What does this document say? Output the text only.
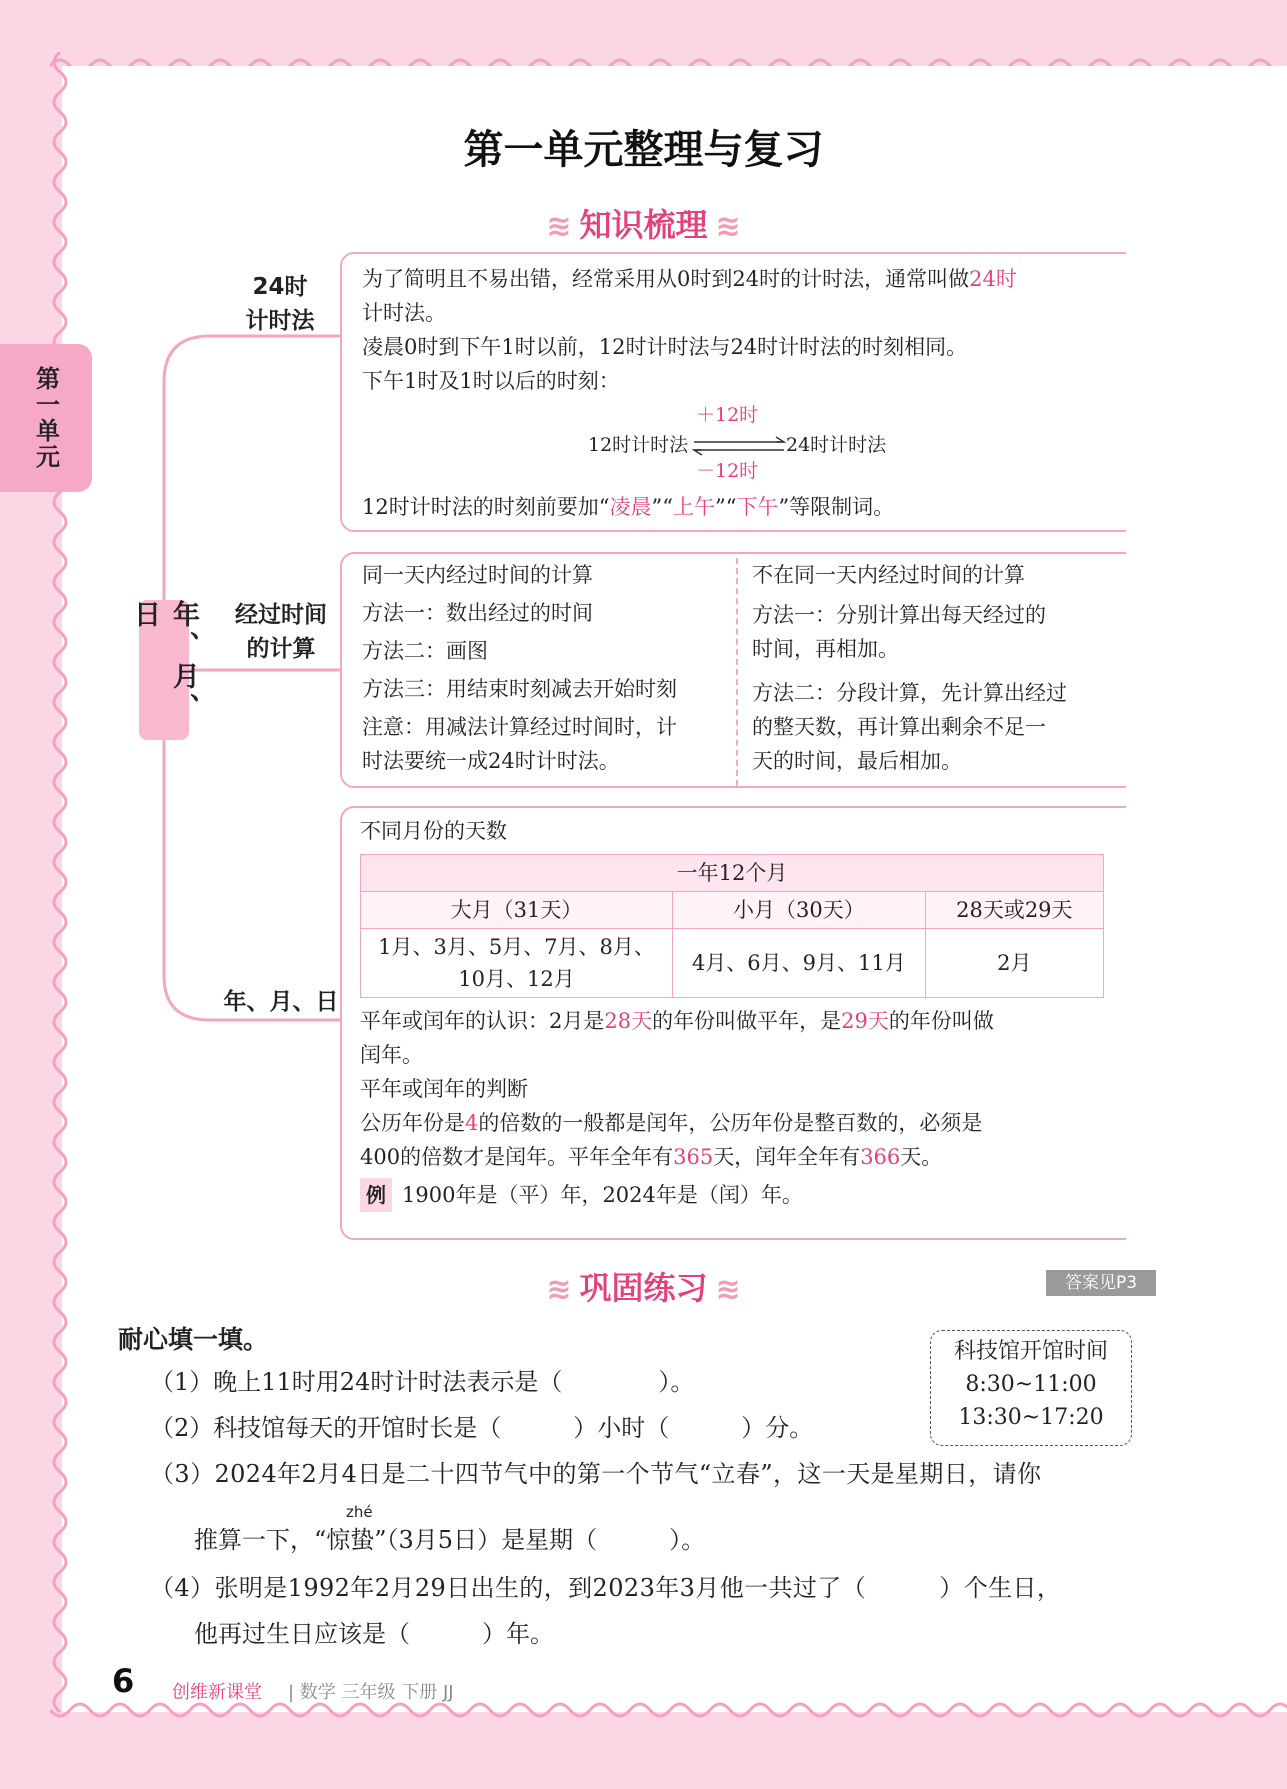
第一单元
第一单元整理与复习
≋ 知识梳理 ≋
年、月、日
24时
计时法
经过时间
的计算
年、月、日

为了简明且不易出错，经常采用从0时到24时的计时法，通常叫做24时

计时法。

凌晨0时到下午1时以前，12时计时法与24时计时法的时刻相同。

下午1时及1时以后的时刻：

＋12时
12时计时法	24时计时法
－12时

12时计时法的时刻前要加“凌晨”“上午”“下午”等限制词。

同一天内经过时间的计算

方法一：数出经过的时间

方法二：画图

方法三：用结束时刻减去开始时刻

注意：用减法计算经过时间时，计

时法要统一成24时计时法。

不在同一天内经过时间的计算

方法一：分别计算出每天经过的

时间，再相加。

方法二：分段计算，先计算出经过

的整天数，再计算出剩余不足一

天的时间，最后相加。

不同月份的天数

一年12个月		
大月（31天）	小月（30天）	28天或29天
1月、3月、5月、7月、8月、
10月、12月	4月、6月、9月、11月	2月

平年或闰年的认识：2月是28天的年份叫做平年，是29天的年份叫做

闰年。

平年或闰年的判断

公历年份是4的倍数的一般都是闰年，公历年份是整百数的，必须是

400的倍数才是闰年。平年全年有365天，闰年全年有366天。

例 1900年是（平）年，2024年是（闰）年。

≋ 巩固练习 ≋	答案见P3
耐心填一填。	科技馆开馆时间
8:30~11:00
13:30~17:20
（1）晚上11时用24时计时法表示是（　　　　）。
（2）科技馆每天的开馆时长是（　　　）小时（　　　）分。
（3）2024年2月4日是二十四节气中的第一个节气“立春”，这一天是星期日，请你
zhé
推算一下，“惊蛰”（3月5日）是星期（　　　）。
（4）张明是1992年2月29日出生的，到2023年3月他一共过了（　　　）个生日，
他再过生日应该是（　　　）年。
6 创维新课堂 | 数学 三年级 下册 JJ
